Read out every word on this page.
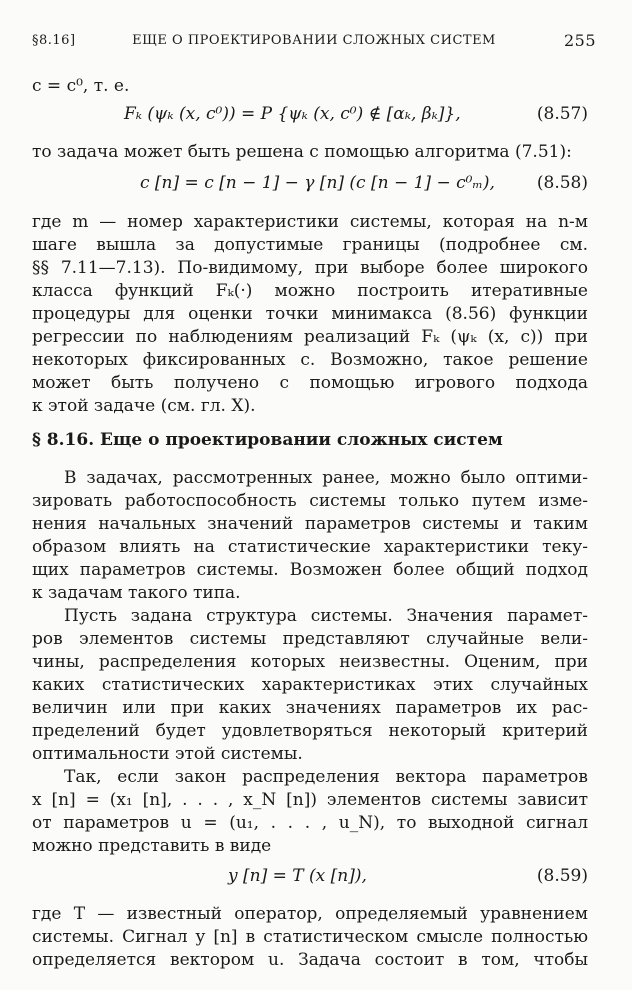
§8.16]	ЕЩЕ О ПРОЕКТИРОВАНИИ СЛОЖНЫХ СИСТЕМ	255
c = c⁰, т. е.
Fₖ (ψₖ (x, c⁰)) = P {ψₖ (x, c⁰) ∉ [αₖ, βₖ]},	(8.57)
то задача может быть решена с помощью алгоритма (7.51):
c [n] = c [n − 1] − γ [n] (c [n − 1] − c⁰ₘ), (8.58)
где m — номер характеристики системы, которая на n-м
шаге вышла за допустимые границы (подробнее см.
§§ 7.11—7.13). По-видимому, при выборе более широкого
класса функций Fₖ(·) можно построить итеративные
процедуры для оценки точки минимакса (8.56) функции
регрессии по наблюдениям реализаций Fₖ (ψₖ (x, c)) при
некоторых фиксированных c. Возможно, такое решение
может быть получено с помощью игрового подхода
к этой задаче (см. гл. X).
§ 8.16. Еще о проектировании сложных систем
В задачах, рассмотренных ранее, можно было оптими-
зировать работоспособность системы только путем изме-
нения начальных значений параметров системы и таким
образом влиять на статистические характеристики теку-
щих параметров системы. Возможен более общий подход
к задачам такого типа.
Пусть задана структура системы. Значения парамет-
ров элементов системы представляют случайные вели-
чины, распределения которых неизвестны. Оценим, при
каких статистических характеристиках этих случайных
величин или при каких значениях параметров их рас-
пределений будет удовлетворяться некоторый критерий
оптимальности этой системы.
Так, если закон распределения вектора параметров
x [n] = (x₁ [n], . . . , x_N [n]) элементов системы зависит
от параметров u = (u₁, . . . , u_N), то выходной сигнал
можно представить в виде
y [n] = T (x [n]),	(8.59)
где T — известный оператор, определяемый уравнением
системы. Сигнал y [n] в статистическом смысле полностью
определяется вектором u. Задача состоит в том, чтобы
